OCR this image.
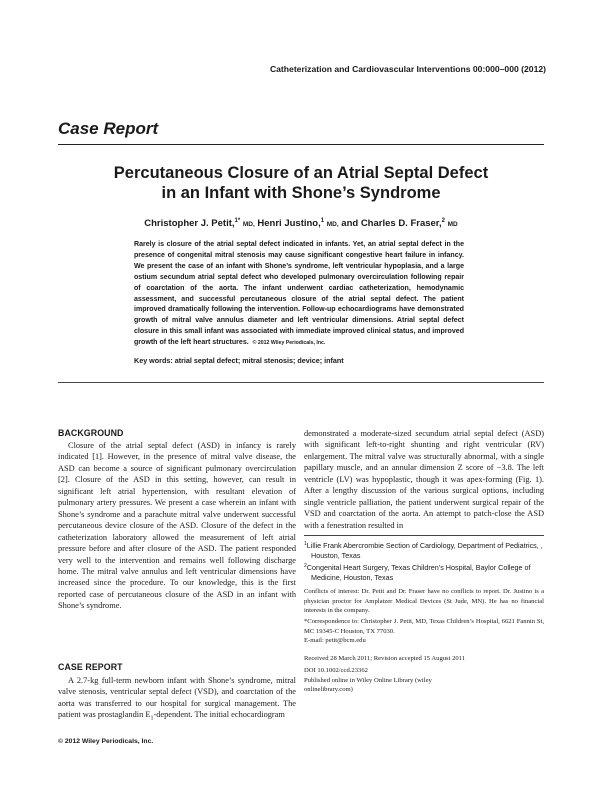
Catheterization and Cardiovascular Interventions 00:000–000 (2012)
Case Report
Percutaneous Closure of an Atrial Septal Defect
in an Infant with Shone’s Syndrome
Christopher J. Petit,$^{1*}$ MD, Henri Justino,$^1$ MD, and Charles D. Fraser,$^2$ MD
Rarely is closure of the atrial septal defect indicated in infants. Yet, an atrial septal defect in the presence of congenital mitral stenosis may cause significant congestive heart failure in infancy. We present the case of an infant with Shone’s syndrome, left ventricular hypoplasia, and a large ostium secundum atrial septal defect who developed pulmonary overcirculation following repair of coarctation of the aorta. The infant underwent cardiac catheterization, hemodynamic assessment, and successful percutaneous closure of the atrial septal defect. The patient improved dramatically following the intervention. Follow-up echocardiograms have demonstrated growth of mitral valve annulus diameter and left ventricular dimensions. Atrial septal defect closure in this small infant was associated with immediate improved clinical status, and improved growth of the left heart structures. © 2012 Wiley Periodicals, Inc.
Key words: atrial septal defect; mitral stenosis; device; infant
BACKGROUND

Closure of the atrial septal defect (ASD) in infancy is rarely indicated [1]. However, in the presence of mitral valve disease, the ASD can become a source of significant pulmonary overcirculation [2]. Closure of the ASD in this setting, however, can result in significant left atrial hypertension, with resultant elevation of pulmonary artery pressures. We present a case wherein an infant with Shone’s syndrome and a parachute mitral valve underwent successful percutaneous device closure of the ASD. Closure of the defect in the catheterization laboratory allowed the measurement of left atrial pressure before and after closure of the ASD. The patient responded very well to the intervention and remains well following discharge home. The mitral valve annulus and left ventricular dimensions have increased since the procedure. To our knowledge, this is the first reported case of percutaneous closure of the ASD in an infant with Shone’s syndrome.

CASE REPORT

A 2.7-kg full-term newborn infant with Shone’s syndrome, mitral valve stenosis, ventricular septal defect (VSD), and coarctation of the aorta was transferred to our hospital for surgical management. The patient was prostaglandin $E_1$-dependent. The initial echocardiogram

demonstrated a moderate-sized secundum atrial septal defect (ASD) with significant left-to-right shunting and right ventricular (RV) enlargement. The mitral valve was structurally abnormal, with a single papillary muscle, and an annular dimension Z score of −3.8. The left ventricle (LV) was hypoplastic, though it was apex-forming (Fig. 1). After a lengthy discussion of the various surgical options, including single ventricle palliation, the patient underwent surgical repair of the VSD and coarctation of the aorta. An attempt to patch-close the ASD with a fenestration resulted in

$^1$Lillie Frank Abercrombie Section of Cardiology, Department of Pediatrics, , Houston, Texas

$^2$Congenital Heart Surgery, Texas Children’s Hospital, Baylor College of Medicine, Houston, Texas

Conflicts of interest: Dr. Petit and Dr. Fraser have no conflicts to report. Dr. Justino is a physician proctor for Amplatzer Medical Devices (St Jude, MN). He has no financial interests in the company.

*Correspondence to: Christopher J. Petit, MD, Texas Children’s Hospital, 6621 Fannin St, MC 19345-C Houston, TX 77030.
E-mail: petit@bcm.edu

Received 28 March 2011; Revision accepted 15 August 2011

DOI 10.1002/ccd.23362
Published online in Wiley Online Library (wiley
onlinelibrary.com)
© 2012 Wiley Periodicals, Inc.
